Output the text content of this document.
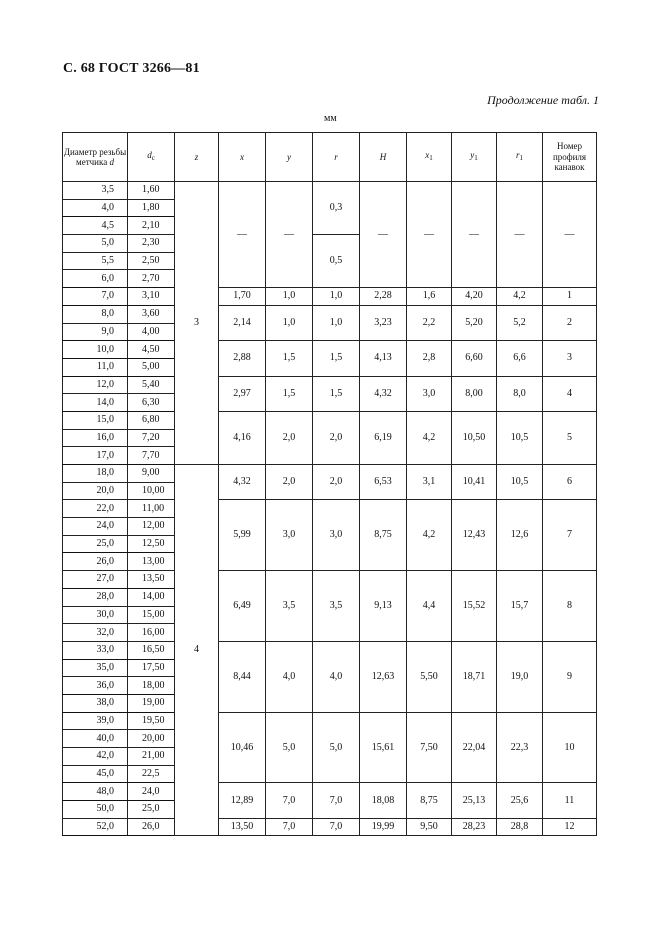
С. 68 ГОСТ 3266—81
Продолжение табл. 1
мм
Диаметр резьбы метчика d	$d_c$	z	x	y	r	H	$x_1$	$y_1$	$r_1$	Номер профиля канавок
3,5	1,60	3	—	—	0,3	—	—	—	—	—
4,0	1,80									
4,5	2,10									
5,0	2,30				0,5					
5,5	2,50									
6,0	2,70									
7,0	3,10		1,70	1,0	1,0	2,28	1,6	4,20	4,2	1
8,0	3,60		2,14	1,0	1,0	3,23	2,2	5,20	5,2	2
9,0	4,00									
10,0	4,50		2,88	1,5	1,5	4,13	2,8	6,60	6,6	3
11,0	5,00									
12,0	5,40		2,97	1,5	1,5	4,32	3,0	8,00	8,0	4
14,0	6,30									
15,0	6,80		4,16	2,0	2,0	6,19	4,2	10,50	10,5	5
16,0	7,20									
17,0	7,70									
18,0	9,00	4	4,32	2,0	2,0	6,53	3,1	10,41	10,5	6
20,0	10,00									
22,0	11,00		5,99	3,0	3,0	8,75	4,2	12,43	12,6	7
24,0	12,00									
25,0	12,50									
26,0	13,00									
27,0	13,50		6,49	3,5	3,5	9,13	4,4	15,52	15,7	8
28,0	14,00									
30,0	15,00									
32,0	16,00									
33,0	16,50		8,44	4,0	4,0	12,63	5,50	18,71	19,0	9
35,0	17,50									
36,0	18,00									
38,0	19,00									
39,0	19,50		10,46	5,0	5,0	15,61	7,50	22,04	22,3	10
40,0	20,00									
42,0	21,00									
45,0	22,5									
48,0	24,0		12,89	7,0	7,0	18,08	8,75	25,13	25,6	11
50,0	25,0									
52,0	26,0		13,50	7,0	7,0	19,99	9,50	28,23	28,8	12
